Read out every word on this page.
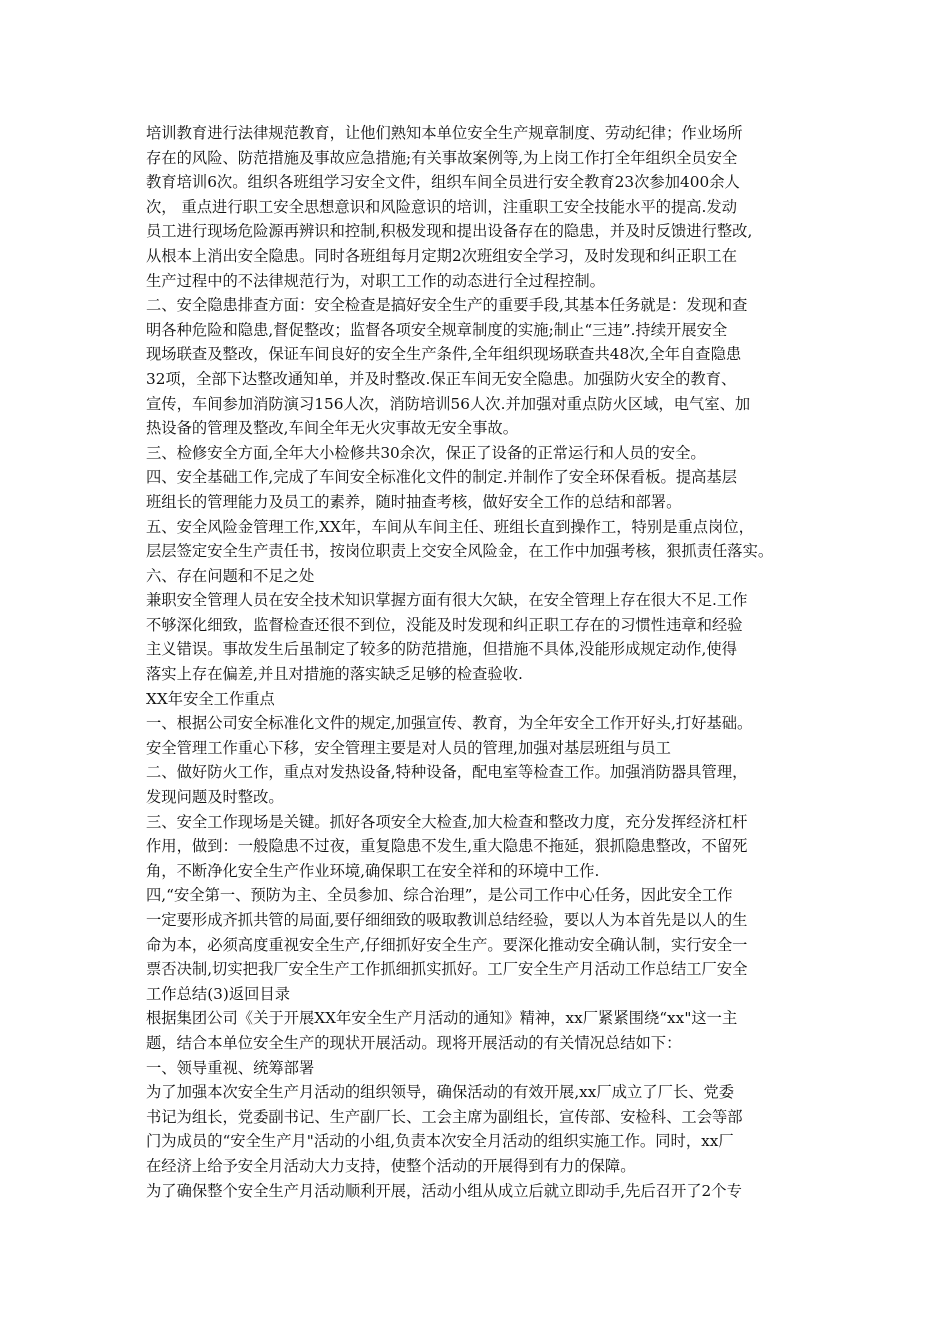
培训教育进行法律规范教育，让他们熟知本单位安全生产规章制度、劳动纪律；作业场所
存在的风险、防范措施及事故应急措施;有关事故案例等,为上岗工作打全年组织全员安全
教育培训6次。组织各班组学习安全文件，组织车间全员进行安全教育23次参加400余人
次， 重点进行职工安全思想意识和风险意识的培训，注重职工安全技能水平的提高.发动
员工进行现场危险源再辨识和控制,积极发现和提出设备存在的隐患，并及时反馈进行整改,
从根本上消出安全隐患。同时各班组每月定期2次班组安全学习，及时发现和纠正职工在
生产过程中的不法律规范行为，对职工工作的动态进行全过程控制。
二、安全隐患排查方面：安全检查是搞好安全生产的重要手段,其基本任务就是：发现和查
明各种危险和隐患,督促整改；监督各项安全规章制度的实施;制止“三违”.持续开展安全
现场联查及整改，保证车间良好的安全生产条件,全年组织现场联查共48次,全年自查隐患
32项，全部下达整改通知单，并及时整改.保正车间无安全隐患。加强防火安全的教育、
宣传，车间参加消防演习156人次，消防培训56人次.并加强对重点防火区域，电气室、加
热设备的管理及整改,车间全年无火灾事故无安全事故。
三、检修安全方面,全年大小检修共30余次，保正了设备的正常运行和人员的安全。
四、安全基础工作,完成了车间安全标准化文件的制定.并制作了安全环保看板。提高基层
班组长的管理能力及员工的素养，随时抽查考核，做好安全工作的总结和部署。
五、安全风险金管理工作,XX年，车间从车间主任、班组长直到操作工，特别是重点岗位，
层层签定安全生产责任书，按岗位职责上交安全风险金，在工作中加强考核，狠抓责任落实。
六、存在问题和不足之处
兼职安全管理人员在安全技术知识掌握方面有很大欠缺，在安全管理上存在很大不足.工作
不够深化细致，监督检查还很不到位，没能及时发现和纠正职工存在的习惯性违章和经验
主义错误。事故发生后虽制定了较多的防范措施，但措施不具体,没能形成规定动作,使得
落实上存在偏差,并且对措施的落实缺乏足够的检查验收.
XX年安全工作重点
一、根据公司安全标准化文件的规定,加强宣传、教育，为全年安全工作开好头,打好基础。
安全管理工作重心下移，安全管理主要是对人员的管理,加强对基层班组与员工
二、做好防火工作，重点对发热设备,特种设备，配电室等检查工作。加强消防器具管理，
发现问题及时整改。
三、安全工作现场是关键。抓好各项安全大检查,加大检查和整改力度，充分发挥经济杠杆
作用，做到：一般隐患不过夜，重复隐患不发生,重大隐患不拖延，狠抓隐患整改，不留死
角，不断净化安全生产作业环境,确保职工在安全祥和的环境中工作.
四,“安全第一、预防为主、全员参加、综合治理”，是公司工作中心任务，因此安全工作
一定要形成齐抓共管的局面,要仔细细致的吸取教训总结经验，要以人为本首先是以人的生
命为本，必须高度重视安全生产,仔细抓好安全生产。要深化推动安全确认制，实行安全一
票否决制,切实把我厂安全生产工作抓细抓实抓好。工厂安全生产月活动工作总结工厂安全
工作总结(3)返回目录
根据集团公司《关于开展XX年安全生产月活动的通知》精神，xx厂紧紧围绕“xx"这一主
题，结合本单位安全生产的现状开展活动。现将开展活动的有关情况总结如下：
一、领导重视、统筹部署
为了加强本次安全生产月活动的组织领导，确保活动的有效开展,xx厂成立了厂长、党委
书记为组长，党委副书记、生产副厂长、工会主席为副组长，宣传部、安检科、工会等部
门为成员的“安全生产月"活动的小组,负责本次安全月活动的组织实施工作。同时，xx厂
在经济上给予安全月活动大力支持，使整个活动的开展得到有力的保障。
为了确保整个安全生产月活动顺利开展，活动小组从成立后就立即动手,先后召开了2个专
